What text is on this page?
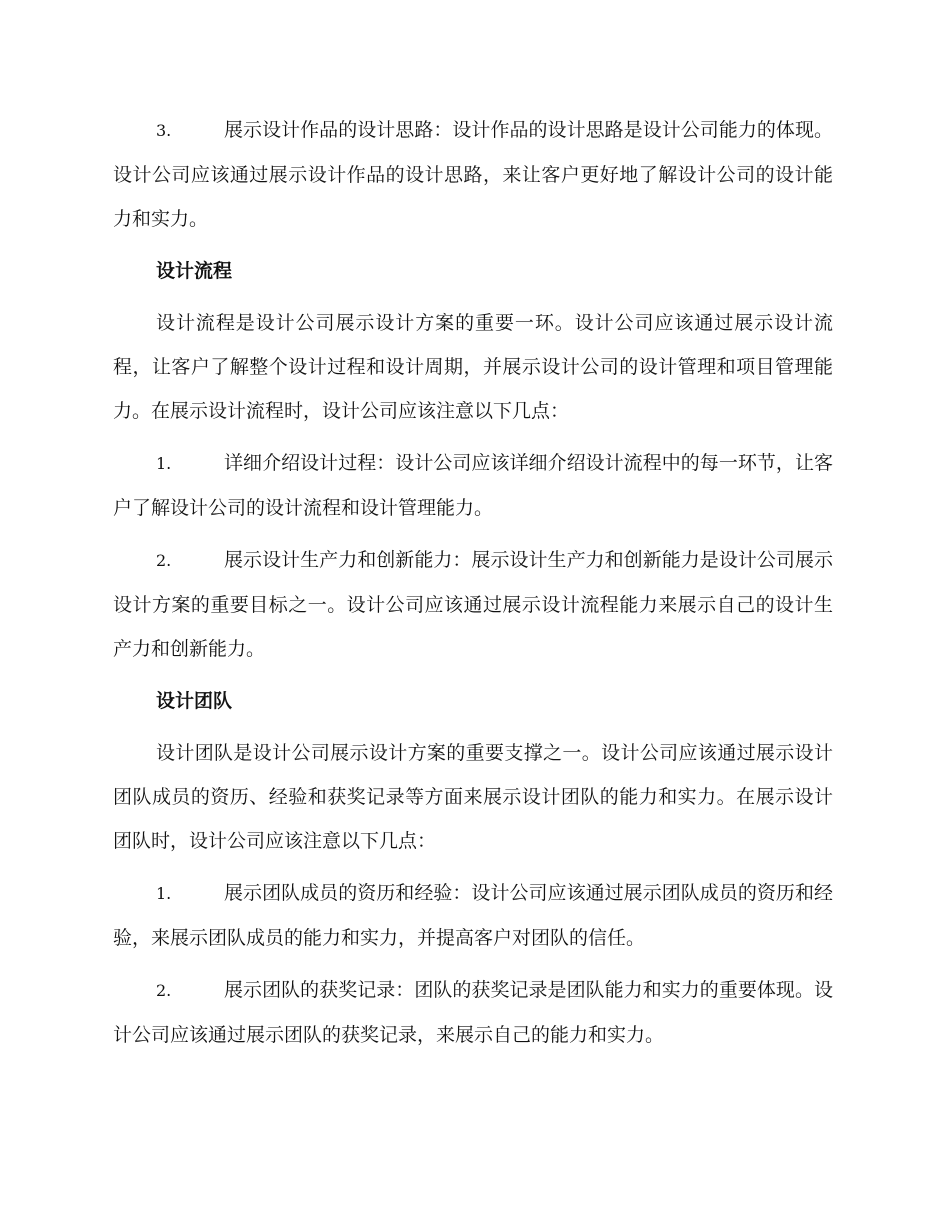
3.	展示设计作品的设计思路：设计作品的设计思路是设计公司能力的体现。设计公司应该通过展示设计作品的设计思路，来让客户更好地了解设计公司的设计能力和实力。

设计流程

设计流程是设计公司展示设计方案的重要一环。设计公司应该通过展示设计流程，让客户了解整个设计过程和设计周期，并展示设计公司的设计管理和项目管理能力。在展示设计流程时，设计公司应该注意以下几点：

1.	详细介绍设计过程：设计公司应该详细介绍设计流程中的每一环节，让客户了解设计公司的设计流程和设计管理能力。

2.	展示设计生产力和创新能力：展示设计生产力和创新能力是设计公司展示设计方案的重要目标之一。设计公司应该通过展示设计流程能力来展示自己的设计生产力和创新能力。

设计团队

设计团队是设计公司展示设计方案的重要支撑之一。设计公司应该通过展示设计团队成员的资历、经验和获奖记录等方面来展示设计团队的能力和实力。在展示设计团队时，设计公司应该注意以下几点：

1.	展示团队成员的资历和经验：设计公司应该通过展示团队成员的资历和经验，来展示团队成员的能力和实力，并提高客户对团队的信任。

2.	展示团队的获奖记录：团队的获奖记录是团队能力和实力的重要体现。设计公司应该通过展示团队的获奖记录，来展示自己的能力和实力。
